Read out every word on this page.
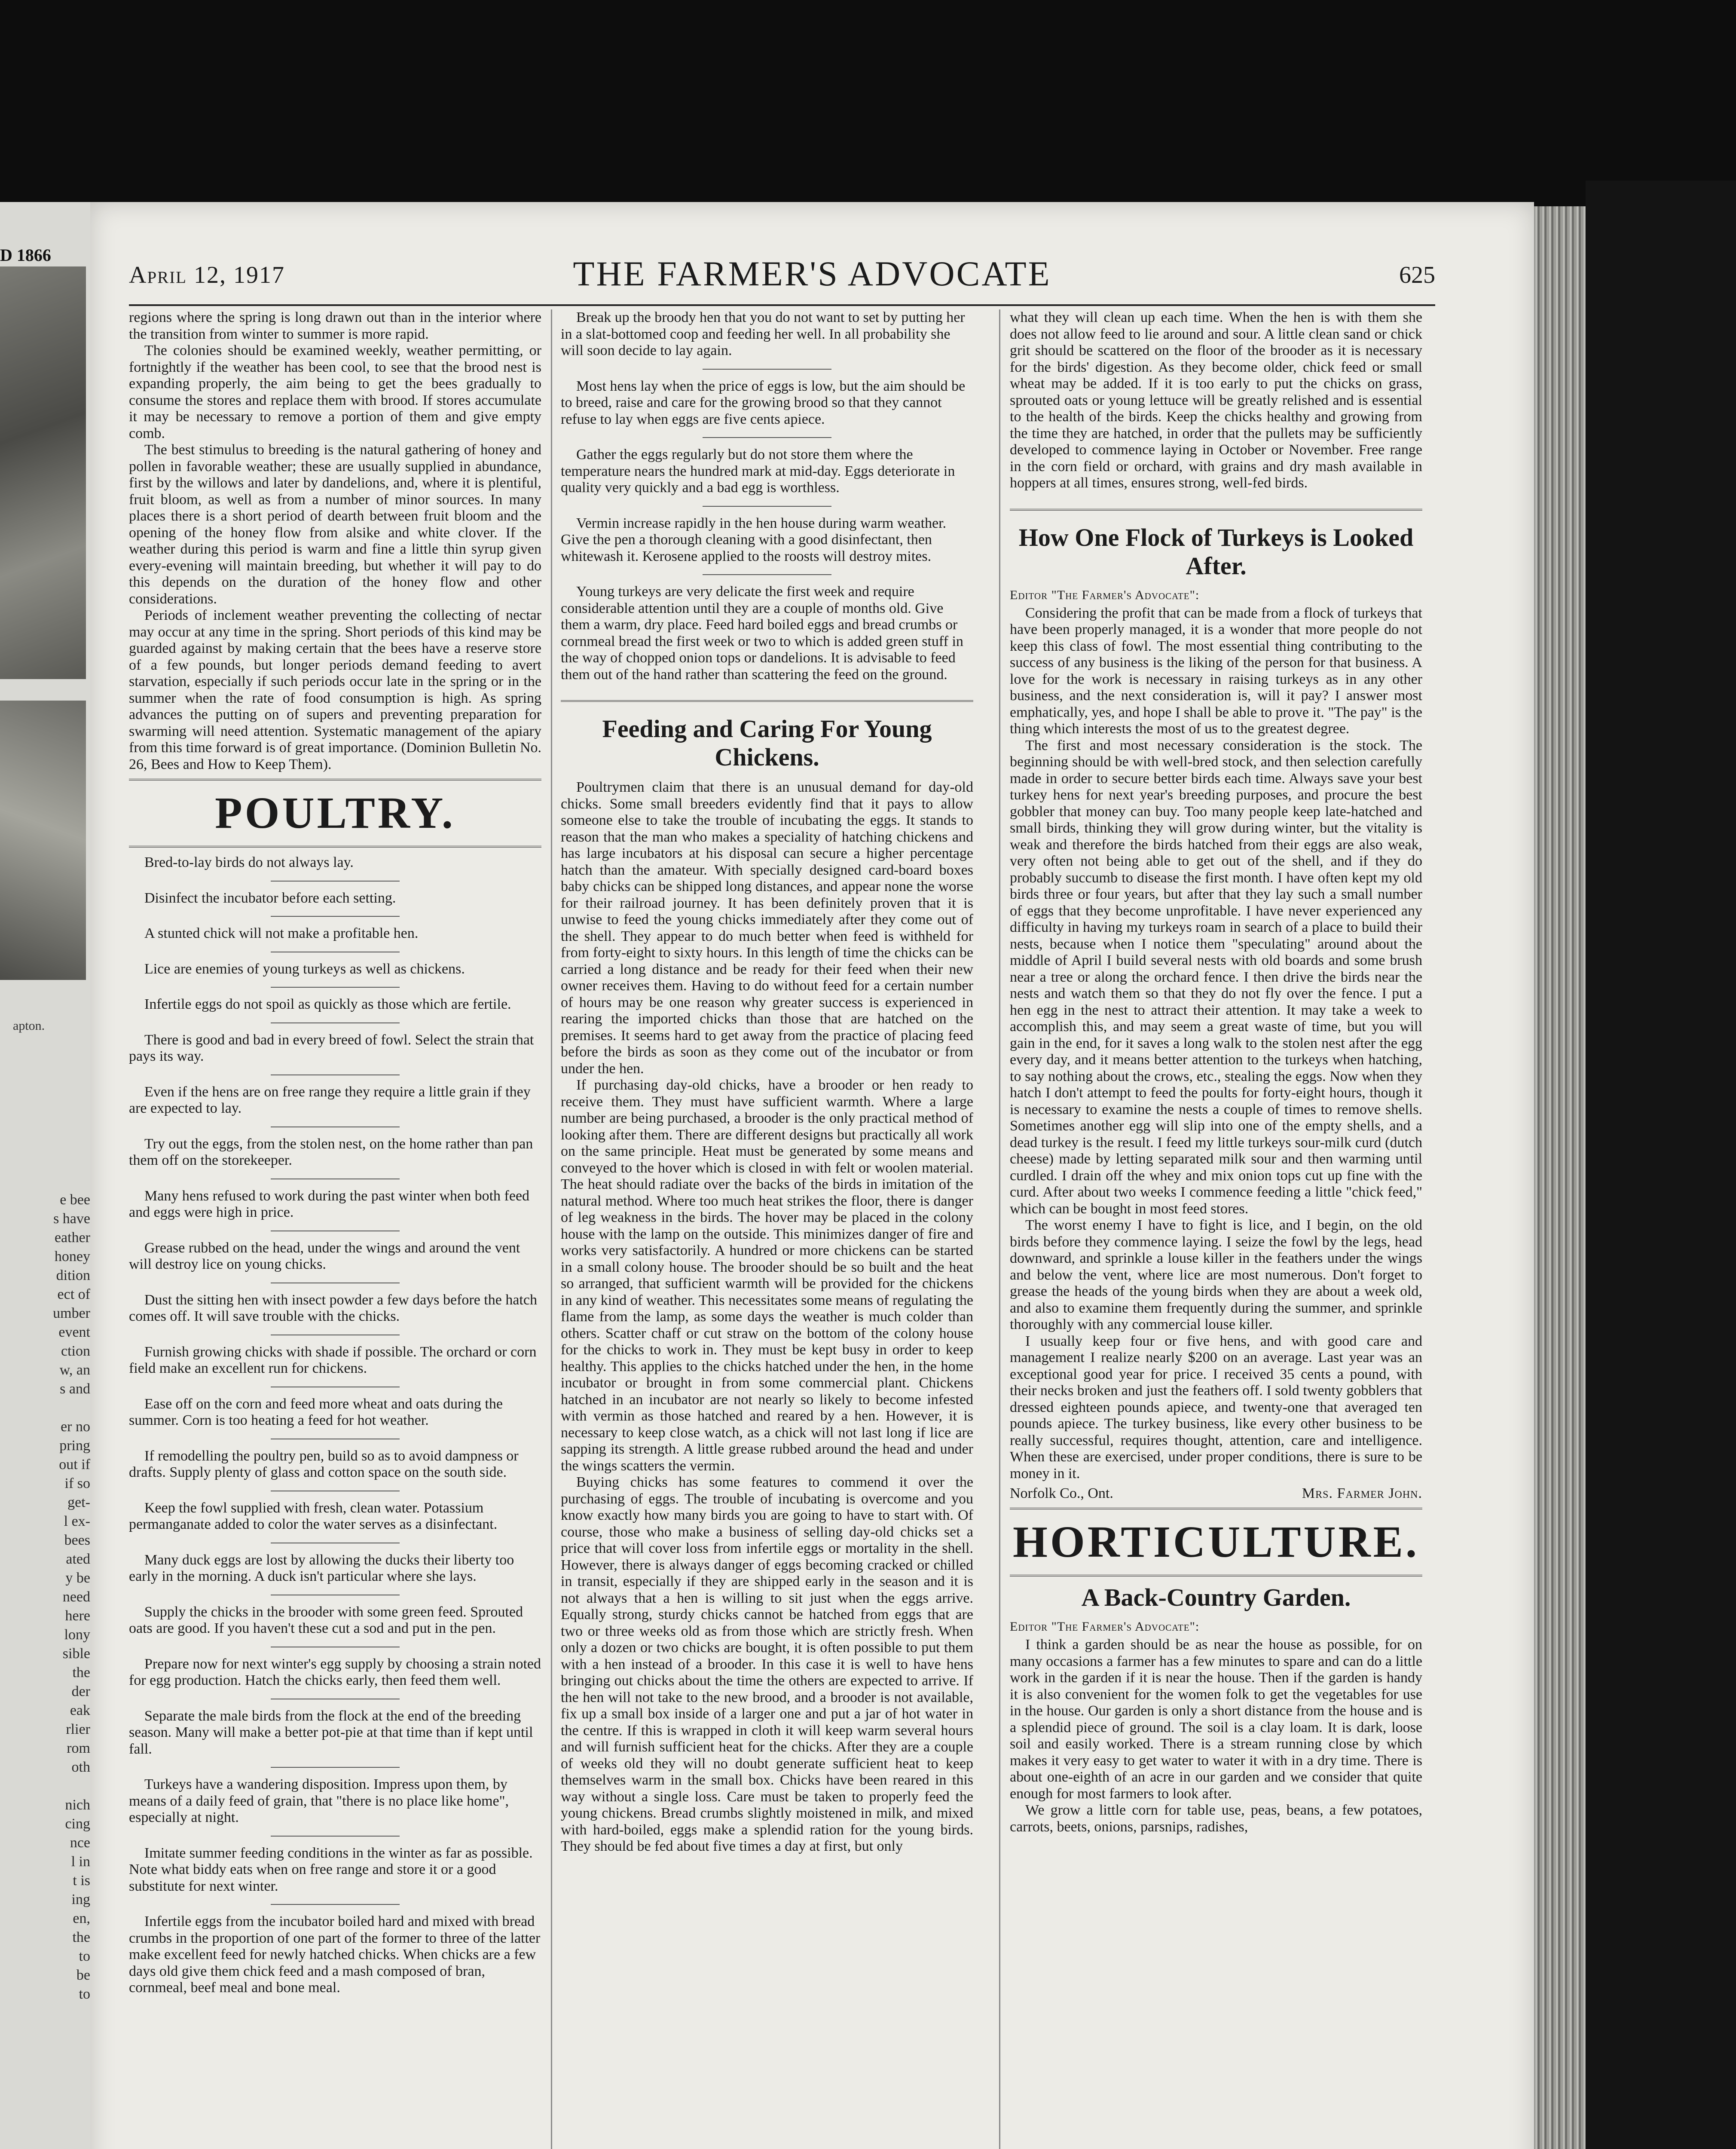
D 1866
apton.
e bee
s have
eather
honey
dition
ect of
umber
event
ction
w, an
s and

er no
pring
out if
if so
get-
l ex-
bees
ated
y be
need
here
lony
sible
the
der
eak
rlier
rom
oth

nich
cing
nce
l in
t is
ing
en,
the
to
be
to
April 12, 1917	THE FARMER'S ADVOCATE	625

regions where the spring is long drawn out than in the interior where the transition from winter to summer is more rapid.

The colonies should be examined weekly, weather permitting, or fortnightly if the weather has been cool, to see that the brood nest is expanding properly, the aim being to get the bees gradually to consume the stores and replace them with brood. If stores accumulate it may be necessary to remove a portion of them and give empty comb.

The best stimulus to breeding is the natural gathering of honey and pollen in favorable weather; these are usually supplied in abundance, first by the willows and later by dandelions, and, where it is plentiful, fruit bloom, as well as from a number of minor sources. In many places there is a short period of dearth between fruit bloom and the opening of the honey flow from alsike and white clover. If the weather during this period is warm and fine a little thin syrup given every-evening will maintain breeding, but whether it will pay to do this depends on the duration of the honey flow and other considerations.

Periods of inclement weather preventing the collecting of nectar may occur at any time in the spring. Short periods of this kind may be guarded against by making certain that the bees have a reserve store of a few pounds, but longer periods demand feeding to avert starvation, especially if such periods occur late in the spring or in the summer when the rate of food consumption is high. As spring advances the putting on of supers and preventing preparation for swarming will need attention. Systematic management of the apiary from this time forward is of great importance. (Dominion Bulletin No. 26, Bees and How to Keep Them).

POULTRY.

Bred-to-lay birds do not always lay.

Disinfect the incubator before each setting.

A stunted chick will not make a profitable hen.

Lice are enemies of young turkeys as well as chickens.

Infertile eggs do not spoil as quickly as those which are fertile.

There is good and bad in every breed of fowl. Select the strain that pays its way.

Even if the hens are on free range they require a little grain if they are expected to lay.

Try out the eggs, from the stolen nest, on the home rather than pan them off on the storekeeper.

Many hens refused to work during the past winter when both feed and eggs were high in price.

Grease rubbed on the head, under the wings and around the vent will destroy lice on young chicks.

Dust the sitting hen with insect powder a few days before the hatch comes off. It will save trouble with the chicks.

Furnish growing chicks with shade if possible. The orchard or corn field make an excellent run for chickens.

Ease off on the corn and feed more wheat and oats during the summer. Corn is too heating a feed for hot weather.

If remodelling the poultry pen, build so as to avoid dampness or drafts. Supply plenty of glass and cotton space on the south side.

Keep the fowl supplied with fresh, clean water. Potassium permanganate added to color the water serves as a disinfectant.

Many duck eggs are lost by allowing the ducks their liberty too early in the morning. A duck isn't particular where she lays.

Supply the chicks in the brooder with some green feed. Sprouted oats are good. If you haven't these cut a sod and put in the pen.

Prepare now for next winter's egg supply by choosing a strain noted for egg production. Hatch the chicks early, then feed them well.

Separate the male birds from the flock at the end of the breeding season. Many will make a better pot-pie at that time than if kept until fall.

Turkeys have a wandering disposition. Impress upon them, by means of a daily feed of grain, that "there is no place like home", especially at night.

Imitate summer feeding conditions in the winter as far as possible. Note what biddy eats when on free range and store it or a good substitute for next winter.

Infertile eggs from the incubator boiled hard and mixed with bread crumbs in the proportion of one part of the former to three of the latter make excellent feed for newly hatched chicks. When chicks are a few days old give them chick feed and a mash composed of bran, cornmeal, beef meal and bone meal.

Break up the broody hen that you do not want to set by putting her in a slat-bottomed coop and feeding her well. In all probability she will soon decide to lay again.

Most hens lay when the price of eggs is low, but the aim should be to breed, raise and care for the growing brood so that they cannot refuse to lay when eggs are five cents apiece.

Gather the eggs regularly but do not store them where the temperature nears the hundred mark at mid-day. Eggs deteriorate in quality very quickly and a bad egg is worthless.

Vermin increase rapidly in the hen house during warm weather. Give the pen a thorough cleaning with a good disinfectant, then whitewash it. Kerosene applied to the roosts will destroy mites.

Young turkeys are very delicate the first week and require considerable attention until they are a couple of months old. Give them a warm, dry place. Feed hard boiled eggs and bread crumbs or cornmeal bread the first week or two to which is added green stuff in the way of chopped onion tops or dandelions. It is advisable to feed them out of the hand rather than scattering the feed on the ground.

Feeding and Caring For Young Chickens.

Poultrymen claim that there is an unusual demand for day-old chicks. Some small breeders evidently find that it pays to allow someone else to take the trouble of incubating the eggs. It stands to reason that the man who makes a speciality of hatching chickens and has large incubators at his disposal can secure a higher percentage hatch than the amateur. With specially designed card-board boxes baby chicks can be shipped long distances, and appear none the worse for their railroad journey. It has been definitely proven that it is unwise to feed the young chicks immediately after they come out of the shell. They appear to do much better when feed is withheld for from forty-eight to sixty hours. In this length of time the chicks can be carried a long distance and be ready for their feed when their new owner receives them. Having to do without feed for a certain number of hours may be one reason why greater success is experienced in rearing the imported chicks than those that are hatched on the premises. It seems hard to get away from the practice of placing feed before the birds as soon as they come out of the incubator or from under the hen.

If purchasing day-old chicks, have a brooder or hen ready to receive them. They must have sufficient warmth. Where a large number are being purchased, a brooder is the only practical method of looking after them. There are different designs but practically all work on the same principle. Heat must be generated by some means and conveyed to the hover which is closed in with felt or woolen material. The heat should radiate over the backs of the birds in imitation of the natural method. Where too much heat strikes the floor, there is danger of leg weakness in the birds. The hover may be placed in the colony house with the lamp on the outside. This minimizes danger of fire and works very satisfactorily. A hundred or more chickens can be started in a small colony house. The brooder should be so built and the heat so arranged, that sufficient warmth will be provided for the chickens in any kind of weather. This necessitates some means of regulating the flame from the lamp, as some days the weather is much colder than others. Scatter chaff or cut straw on the bottom of the colony house for the chicks to work in. They must be kept busy in order to keep healthy. This applies to the chicks hatched under the hen, in the home incubator or brought in from some commercial plant. Chickens hatched in an incubator are not nearly so likely to become infested with vermin as those hatched and reared by a hen. However, it is necessary to keep close watch, as a chick will not last long if lice are sapping its strength. A little grease rubbed around the head and under the wings scatters the vermin.

Buying chicks has some features to commend it over the purchasing of eggs. The trouble of incubating is overcome and you know exactly how many birds you are going to have to start with. Of course, those who make a business of selling day-old chicks set a price that will cover loss from infertile eggs or mortality in the shell. However, there is always danger of eggs becoming cracked or chilled in transit, especially if they are shipped early in the season and it is not always that a hen is willing to sit just when the eggs arrive. Equally strong, sturdy chicks cannot be hatched from eggs that are two or three weeks old as from those which are strictly fresh. When only a dozen or two chicks are bought, it is often possible to put them with a hen instead of a brooder. In this case it is well to have hens bringing out chicks about the time the others are expected to arrive. If the hen will not take to the new brood, and a brooder is not available, fix up a small box inside of a larger one and put a jar of hot water in the centre. If this is wrapped in cloth it will keep warm several hours and will furnish sufficient heat for the chicks. After they are a couple of weeks old they will no doubt generate sufficient heat to keep themselves warm in the small box. Chicks have been reared in this way without a single loss. Care must be taken to properly feed the young chickens. Bread crumbs slightly moistened in milk, and mixed with hard-boiled, eggs make a splendid ration for the young birds. They should be fed about five times a day at first, but only

what they will clean up each time. When the hen is with them she does not allow feed to lie around and sour. A little clean sand or chick grit should be scattered on the floor of the brooder as it is necessary for the birds' digestion. As they become older, chick feed or small wheat may be added. If it is too early to put the chicks on grass, sprouted oats or young lettuce will be greatly relished and is essential to the health of the birds. Keep the chicks healthy and growing from the time they are hatched, in order that the pullets may be sufficiently developed to commence laying in October or November. Free range in the corn field or orchard, with grains and dry mash available in hoppers at all times, ensures strong, well-fed birds.

How One Flock of Turkeys is Looked After.
Editor "The Farmer's Advocate":

Considering the profit that can be made from a flock of turkeys that have been properly managed, it is a wonder that more people do not keep this class of fowl. The most essential thing contributing to the success of any business is the liking of the person for that business. A love for the work is necessary in raising turkeys as in any other business, and the next consideration is, will it pay? I answer most emphatically, yes, and hope I shall be able to prove it. "The pay" is the thing which interests the most of us to the greatest degree.

The first and most necessary consideration is the stock. The beginning should be with well-bred stock, and then selection carefully made in order to secure better birds each time. Always save your best turkey hens for next year's breeding purposes, and procure the best gobbler that money can buy. Too many people keep late-hatched and small birds, thinking they will grow during winter, but the vitality is weak and therefore the birds hatched from their eggs are also weak, very often not being able to get out of the shell, and if they do probably succumb to disease the first month. I have often kept my old birds three or four years, but after that they lay such a small number of eggs that they become unprofitable. I have never experienced any difficulty in having my turkeys roam in search of a place to build their nests, because when I notice them "speculating" around about the middle of April I build several nests with old boards and some brush near a tree or along the orchard fence. I then drive the birds near the nests and watch them so that they do not fly over the fence. I put a hen egg in the nest to attract their attention. It may take a week to accomplish this, and may seem a great waste of time, but you will gain in the end, for it saves a long walk to the stolen nest after the egg every day, and it means better attention to the turkeys when hatching, to say nothing about the crows, etc., stealing the eggs. Now when they hatch I don't attempt to feed the poults for forty-eight hours, though it is necessary to examine the nests a couple of times to remove shells. Sometimes another egg will slip into one of the empty shells, and a dead turkey is the result. I feed my little turkeys sour-milk curd (dutch cheese) made by letting separated milk sour and then warming until curdled. I drain off the whey and mix onion tops cut up fine with the curd. After about two weeks I commence feeding a little "chick feed," which can be bought in most feed stores.

The worst enemy I have to fight is lice, and I begin, on the old birds before they commence laying. I seize the fowl by the legs, head downward, and sprinkle a louse killer in the feathers under the wings and below the vent, where lice are most numerous. Don't forget to grease the heads of the young birds when they are about a week old, and also to examine them frequently during the summer, and sprinkle thoroughly with any commercial louse killer.

I usually keep four or five hens, and with good care and management I realize nearly $200 on an average. Last year was an exceptional good year for price. I received 35 cents a pound, with their necks broken and just the feathers off. I sold twenty gobblers that dressed eighteen pounds apiece, and twenty-one that averaged ten pounds apiece. The turkey business, like every other business to be really successful, requires thought, attention, care and intelligence. When these are exercised, under proper conditions, there is sure to be money in it.

Norfolk Co., Ont.	Mrs. Farmer John.
HORTICULTURE.
A Back-Country Garden.
Editor "The Farmer's Advocate":

I think a garden should be as near the house as possible, for on many occasions a farmer has a few minutes to spare and can do a little work in the garden if it is near the house. Then if the garden is handy it is also convenient for the women folk to get the vegetables for use in the house. Our garden is only a short distance from the house and is a splendid piece of ground. The soil is a clay loam. It is dark, loose soil and easily worked. There is a stream running close by which makes it very easy to get water to water it with in a dry time. There is about one-eighth of an acre in our garden and we consider that quite enough for most farmers to look after.

We grow a little corn for table use, peas, beans, a few potatoes, carrots, beets, onions, parsnips, radishes,
